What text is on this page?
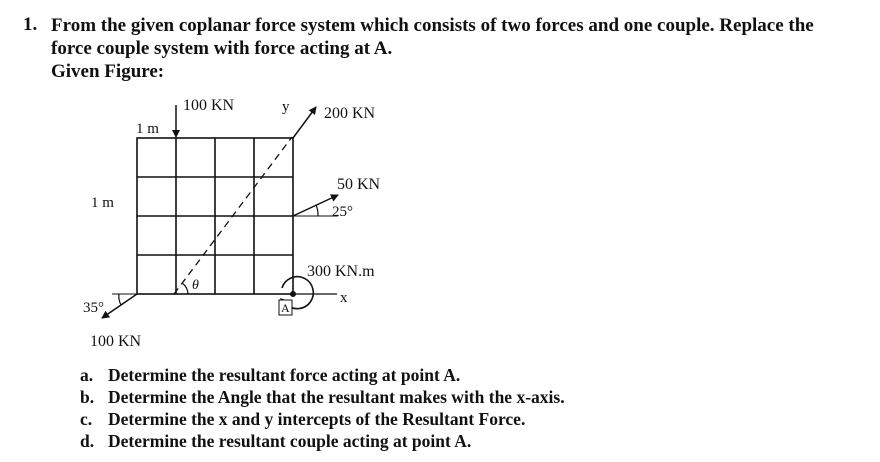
1. From the given coplanar force system which consists of two forces and one couple. Replace the
force couple system with force acting at A.
Given Figure:
x
θ
100 KN
1 m
y 200 KN
50 KN
25°
1 m
300 KN.m
A
35°
100 KN
a. Determine the resultant force acting at point A.
b. Determine the Angle that the resultant makes with the x-axis.
c. Determine the x and y intercepts of the Resultant Force.
d. Determine the resultant couple acting at point A.
